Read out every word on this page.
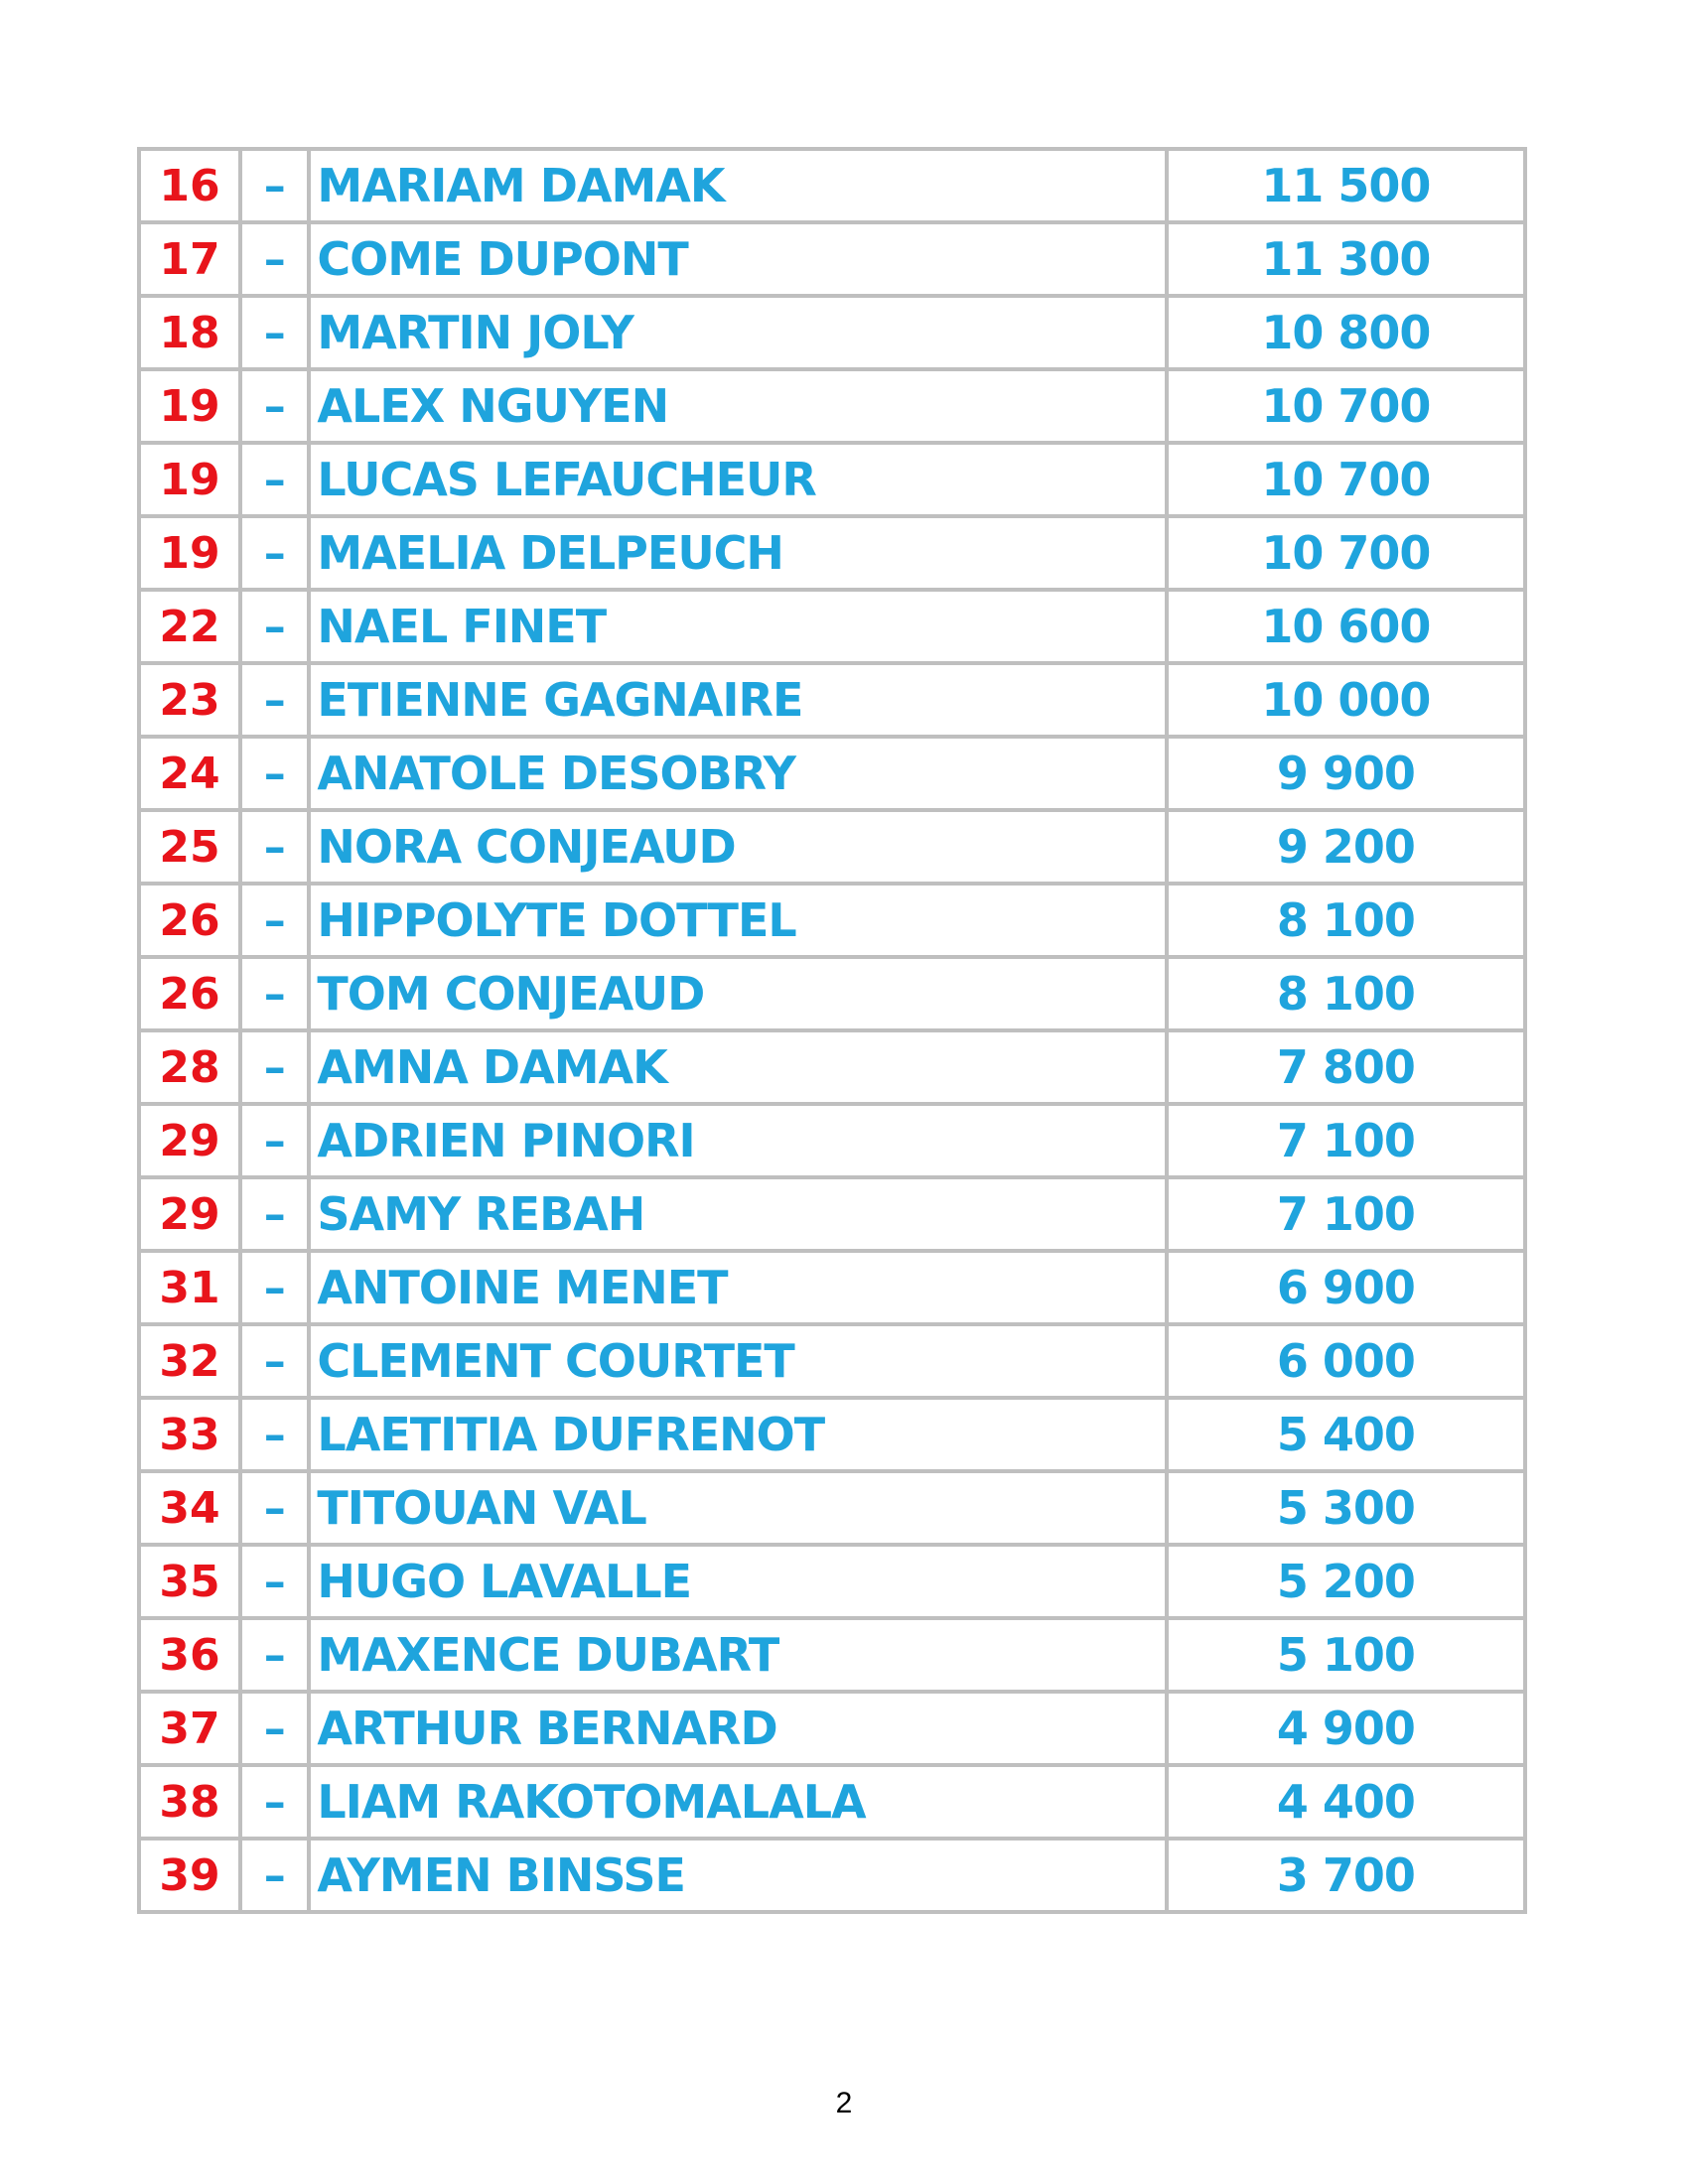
16	–	MARIAM DAMAK	11 500
17	–	COME DUPONT	11 300
18	–	MARTIN JOLY	10 800
19	–	ALEX NGUYEN	10 700
19	–	LUCAS LEFAUCHEUR	10 700
19	–	MAELIA DELPEUCH	10 700
22	–	NAEL FINET	10 600
23	–	ETIENNE GAGNAIRE	10 000
24	–	ANATOLE DESOBRY	9 900
25	–	NORA CONJEAUD	9 200
26	–	HIPPOLYTE DOTTEL	8 100
26	–	TOM CONJEAUD	8 100
28	–	AMNA DAMAK	7 800
29	–	ADRIEN PINORI	7 100
29	–	SAMY REBAH	7 100
31	–	ANTOINE MENET	6 900
32	–	CLEMENT COURTET	6 000
33	–	LAETITIA DUFRENOT	5 400
34	–	TITOUAN VAL	5 300
35	–	HUGO LAVALLE	5 200
36	–	MAXENCE DUBART	5 100
37	–	ARTHUR BERNARD	4 900
38	–	LIAM RAKOTOMALALA	4 400
39	–	AYMEN BINSSE	3 700
2
